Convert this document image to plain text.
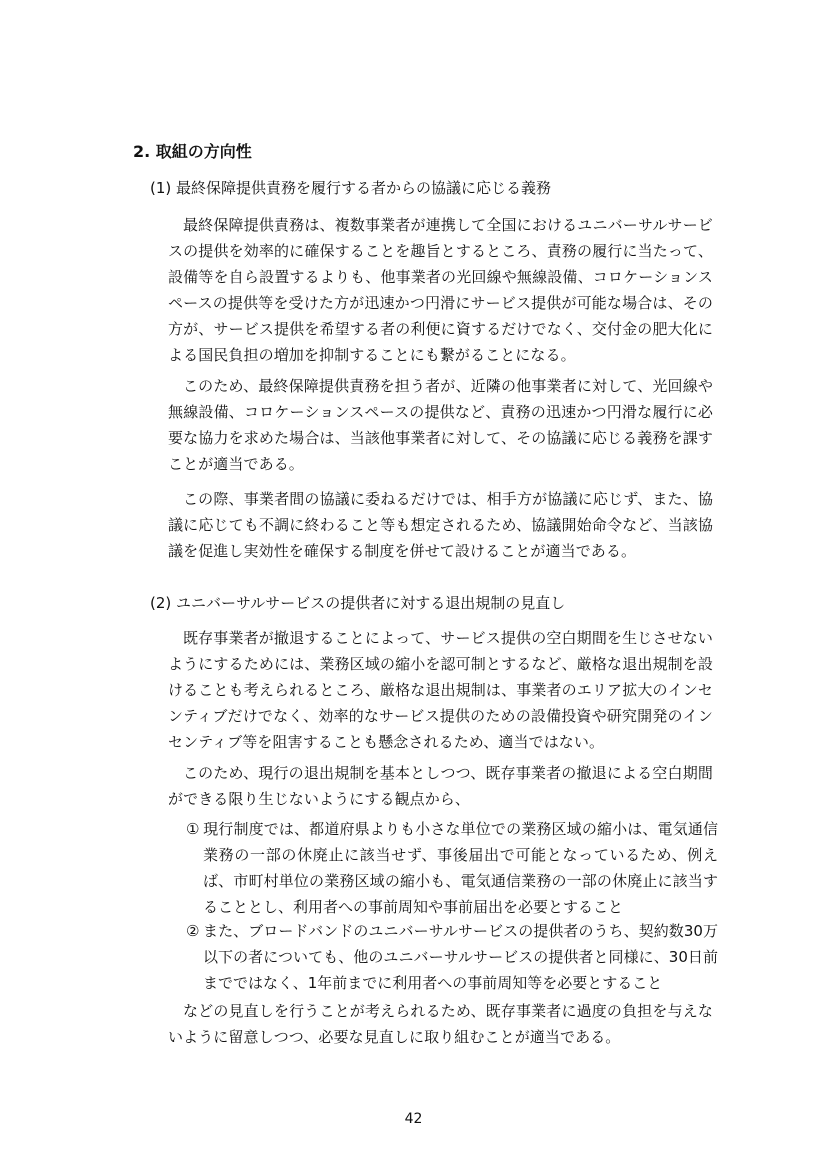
2. 取組の方向性
(1) 最終保障提供責務を履行する者からの協議に応じる義務

最終保障提供責務は、複数事業者が連携して全国におけるユニバーサルサービスの提供を効率的に確保することを趣旨とするところ、責務の履行に当たって、設備等を自ら設置するよりも、他事業者の光回線や無線設備、コロケーションスペースの提供等を受けた方が迅速かつ円滑にサービス提供が可能な場合は、その方が、サービス提供を希望する者の利便に資するだけでなく、交付金の肥大化による国民負担の増加を抑制することにも繋がることになる。

このため、最終保障提供責務を担う者が、近隣の他事業者に対して、光回線や無線設備、コロケーションスペースの提供など、責務の迅速かつ円滑な履行に必要な協力を求めた場合は、当該他事業者に対して、その協議に応じる義務を課すことが適当である。

この際、事業者間の協議に委ねるだけでは、相手方が協議に応じず、また、協議に応じても不調に終わること等も想定されるため、協議開始命令など、当該協議を促進し実効性を確保する制度を併せて設けることが適当である。

(2) ユニバーサルサービスの提供者に対する退出規制の見直し

既存事業者が撤退することによって、サービス提供の空白期間を生じさせないようにするためには、業務区域の縮小を認可制とするなど、厳格な退出規制を設けることも考えられるところ、厳格な退出規制は、事業者のエリア拡大のインセンティブだけでなく、効率的なサービス提供のための設備投資や研究開発のインセンティブ等を阻害することも懸念されるため、適当ではない。

このため、現行の退出規制を基本としつつ、既存事業者の撤退による空白期間ができる限り生じないようにする観点から、

① 現行制度では、都道府県よりも小さな単位での業務区域の縮小は、電気通信業務の一部の休廃止に該当せず、事後届出で可能となっているため、例えば、市町村単位の業務区域の縮小も、電気通信業務の一部の休廃止に該当することとし、利用者への事前周知や事前届出を必要とすること
② また、ブロードバンドのユニバーサルサービスの提供者のうち、契約数30万以下の者についても、他のユニバーサルサービスの提供者と同様に、30日前までではなく、1年前までに利用者への事前周知等を必要とすること

などの見直しを行うことが考えられるため、既存事業者に過度の負担を与えないように留意しつつ、必要な見直しに取り組むことが適当である。

42
